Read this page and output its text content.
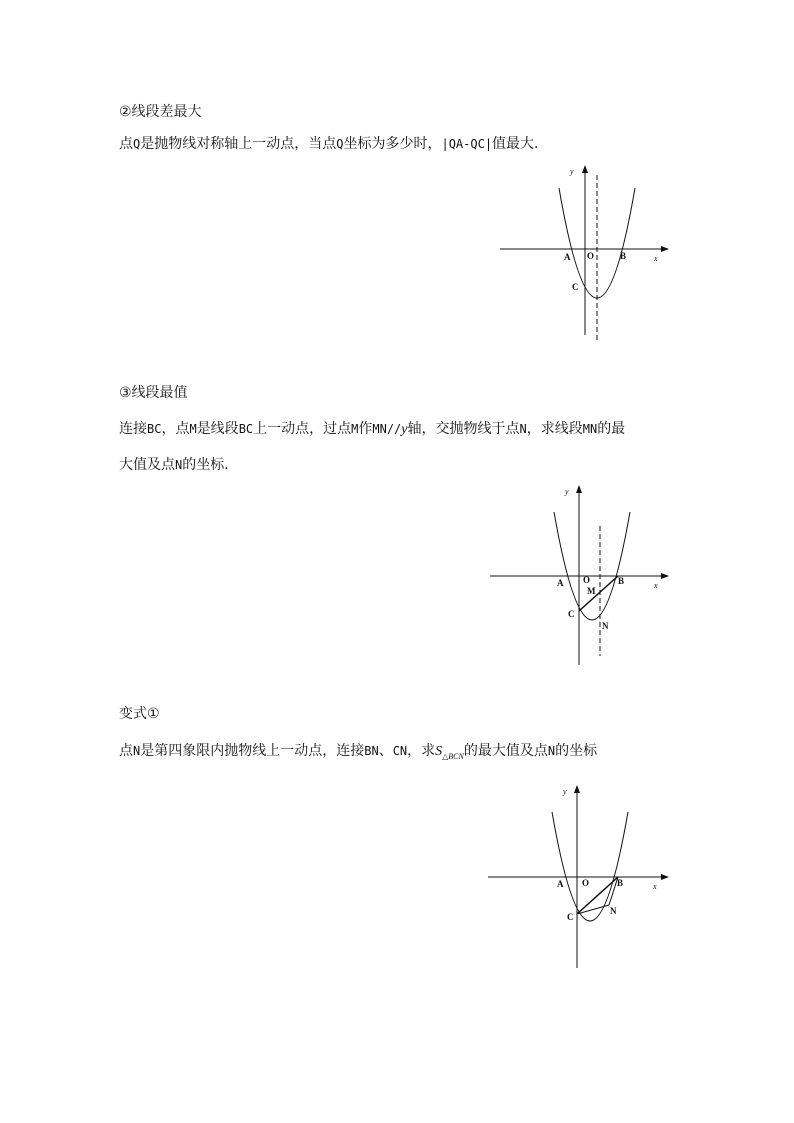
②线段差最大
点Q是抛物线对称轴上一动点，当点Q坐标为多少时，|QA-QC|值最大.
③线段最值
连接BC，点M是线段BC上一动点，过点M作MN//y轴，交抛物线于点N，求线段MN的最
大值及点N的坐标.
变式①
点N是第四象限内抛物线上一动点，连接BN、CN，求$S_{\triangle BCN}$的最大值及点N的坐标
y
x
A O	B
C
y
x
A O	B
M
C
N
y
x
A O	B
C
N
